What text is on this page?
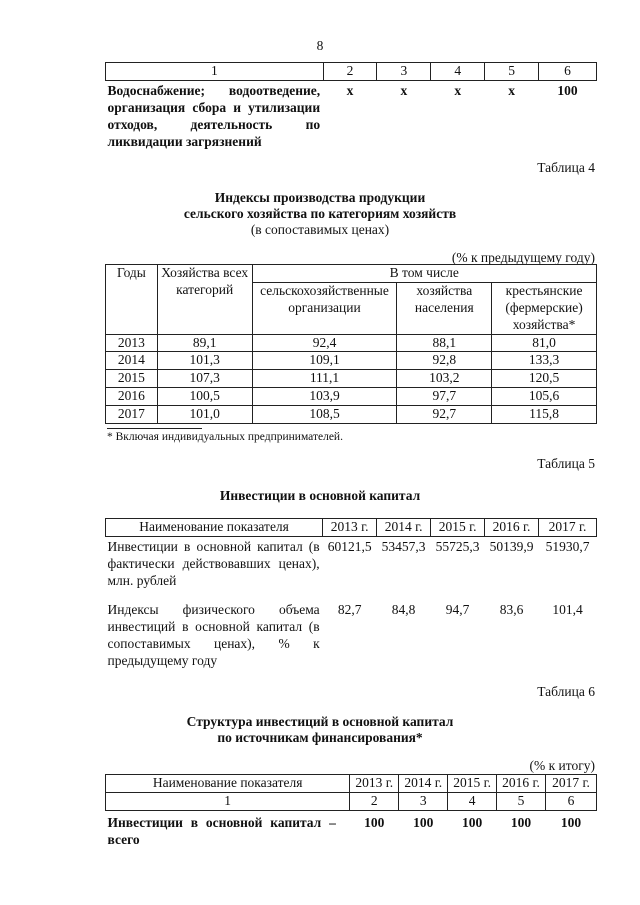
8
1	2	3	4	5	6
Водоснабжение; водоотведение, организация сбора и утилизации отходов, деятельность по ликвидации загрязнений	x	x	x	x	100
Таблица 4
Индексы производства продукции
сельского хозяйства по категориям хозяйств
(в сопоставимых ценах)
(% к предыдущему году)
Годы	Хозяйства всех категорий	В том числе		
		сельскохозяйственные организации	хозяйства населения	крестьянские (фермерские) хозяйства*
2013	89,1	92,4	88,1	81,0
2014	101,3	109,1	92,8	133,3
2015	107,3	111,1	103,2	120,5
2016	100,5	103,9	97,7	105,6
2017	101,0	108,5	92,7	115,8
* Включая индивидуальных предпринимателей.
Таблица 5
Инвестиции в основной капитал
Наименование показателя	2013 г.	2014 г.	2015 г.	2016 г.	2017 г.
Инвестиции в основной капитал (в фактически действовавших ценах), млн. рублей	60121,5	53457,3	55725,3	50139,9	51930,7
Индексы физического объема инвестиций в основной капитал (в сопоставимых ценах), % к предыдущему году	82,7	84,8	94,7	83,6	101,4
Таблица 6
Структура инвестиций в основной капитал
по источникам финансирования*
(% к итогу)
Наименование показателя	2013 г.	2014 г.	2015 г.	2016 г.	2017 г.
1	2	3	4	5	6
Инвестиции в основной капитал – всего	100	100	100	100	100
